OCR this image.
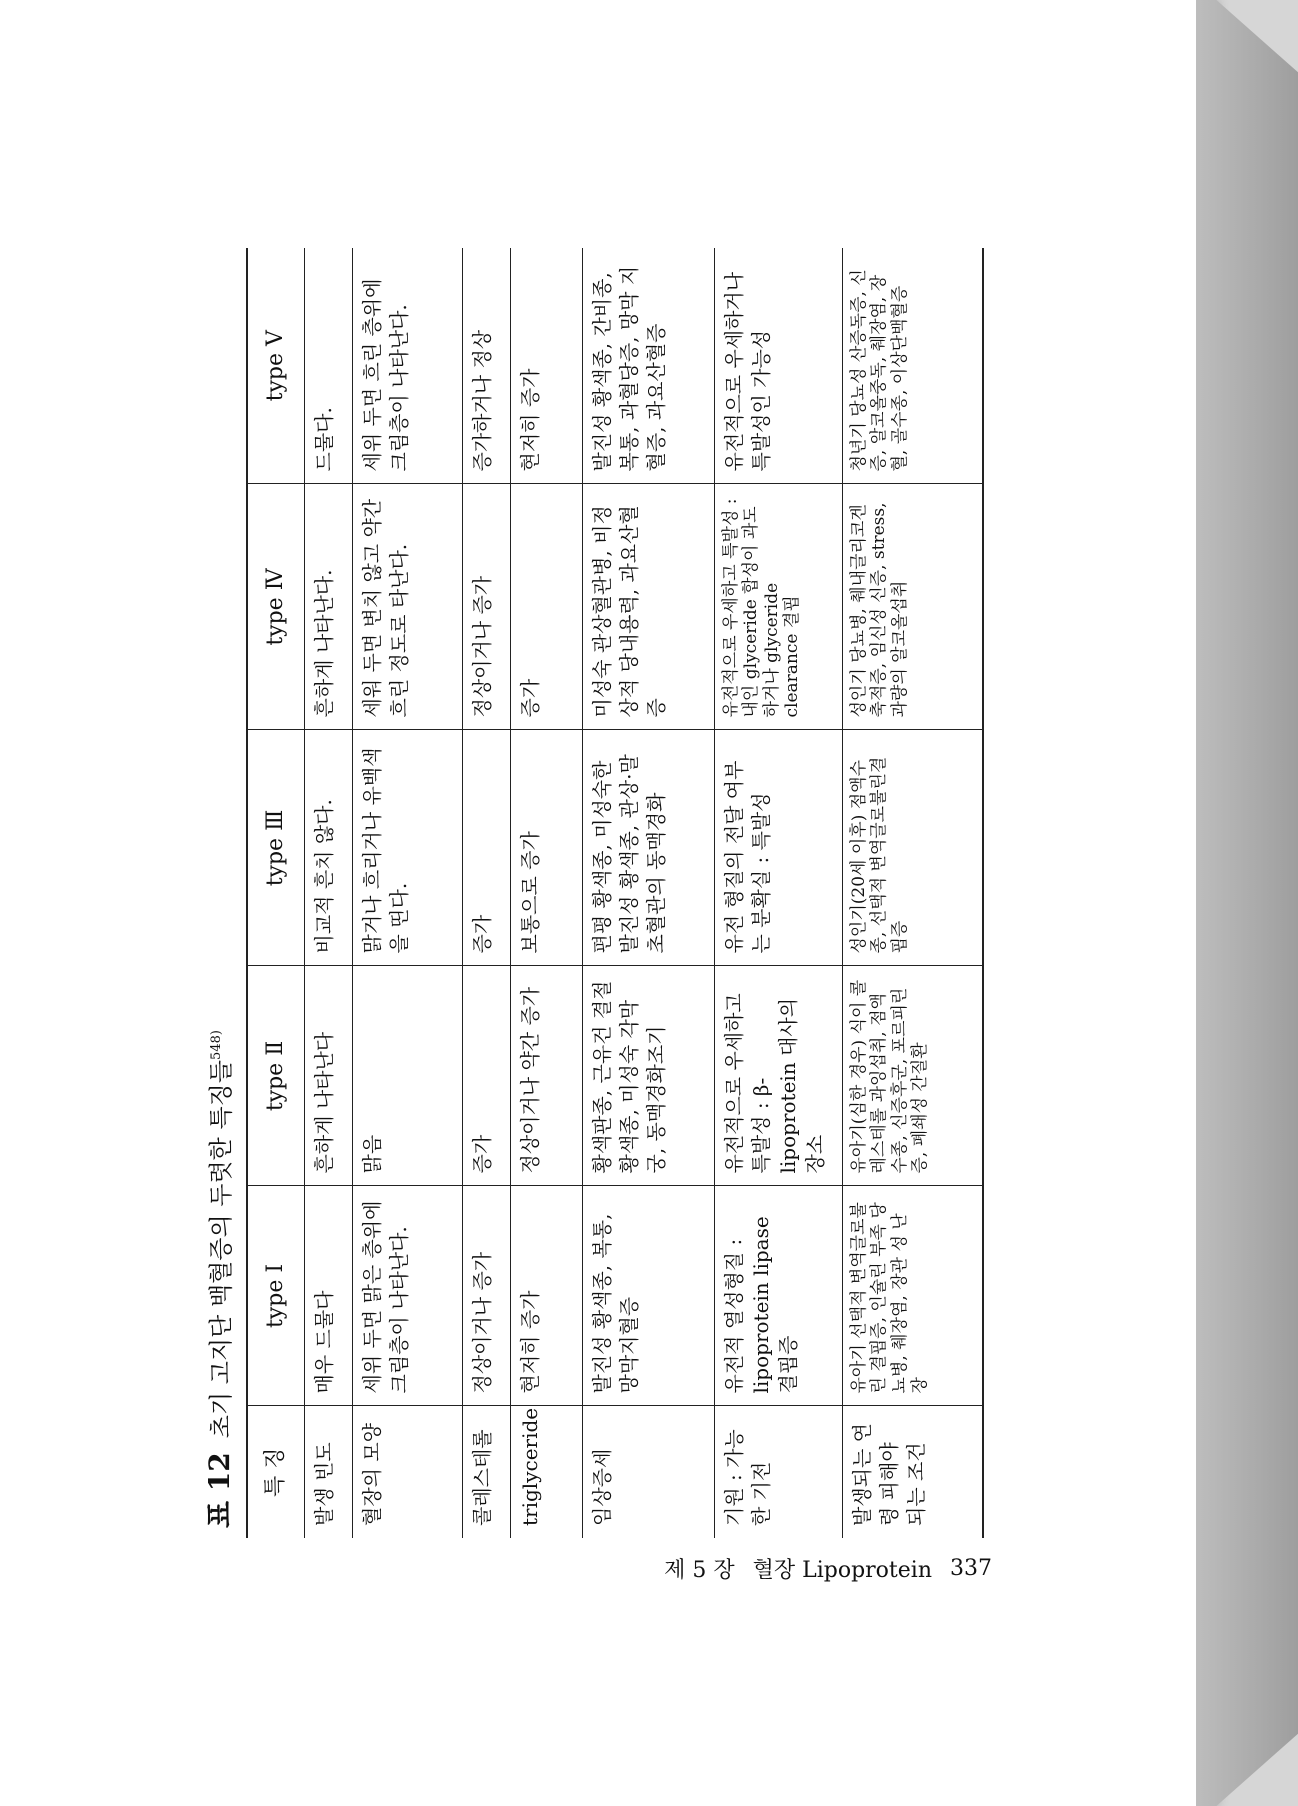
표 12
초기 고지단 백혈증의 두렷한 특징들$^{548)}$
특 징	type Ⅰ	type Ⅱ	type Ⅲ	type Ⅳ	type Ⅴ
발생 빈도	매우 드물다	흔하게 나타난다	비교적 흔치 않다.	흔하게 나타난다.	드물다.
혈장의 모양	세위 두면 맑은 층위에 크림층이 나타난다.	맑음	맑거나 흐리거나 유백색을 띤다.	세워 두면 변치 않고 약간 흐린 정도로 타난다.	세위 두면 흐린 층위에 크림층이 나타난다.
콜레스테롤	정상이거나 증가	증가	증가	정상이거나 증가	증가하거나 정상
triglyceride	현저히 증가	정상이거나 약간 증가	보통으로 증가	증가	현저히 증가
임상증세	발진성 황색종, 복통, 망막지혈증	황색판종, 근유건 결절황색종, 미성숙 각막궁, 동맥경화조기	편평 황색종, 미성숙한 발진성 황색종, 관상·말초혈관의 동맥경화	미성숙 관상혈관병, 비정상적 당내용력, 과요산혈증	발진성 황색종, 간비종, 복통, 과혈당증, 망막 지혈증, 과요산혈증
기원 : 가능한 기전	유전적 열성형질 : lipoprotein lipase 결핍증	유전적으로 우세하고 특발성 : β-lipoprotein 대사의 장소	유전 형질의 전달 여부는 분확실 : 특발성	유전적으로 우세하고 특발성 : 내인 glyceride 합성이 과도하거나 glyceride clearance 결핍	유전적으로 우세하거나 특발성인 가능성
발생되는 연령 피해야 되는 조건	유아기 선택적 변역글로불린 결핍증, 인슐린 부족 당뇨병, 췌장염, 장관 성 난장	유아기(심한 경우) 식이 콜레스테롤 과잉섭취, 점액수종, 신증후군, 포르피린증, 폐쇄성 간질환	성인기(20세 이후) 점액수종, 선택적 변역글로불린결핍증	성인기 당뇨병, 췌내글리코겐축적증, 임신성 신증, stress, 과량의 알코올섭취	청년기 당뇨성 산증독증, 신증, 알코올중독, 췌장염, 장혈, 골수종, 이상단백혈증
제 5 장 혈장 Lipoprotein 337
